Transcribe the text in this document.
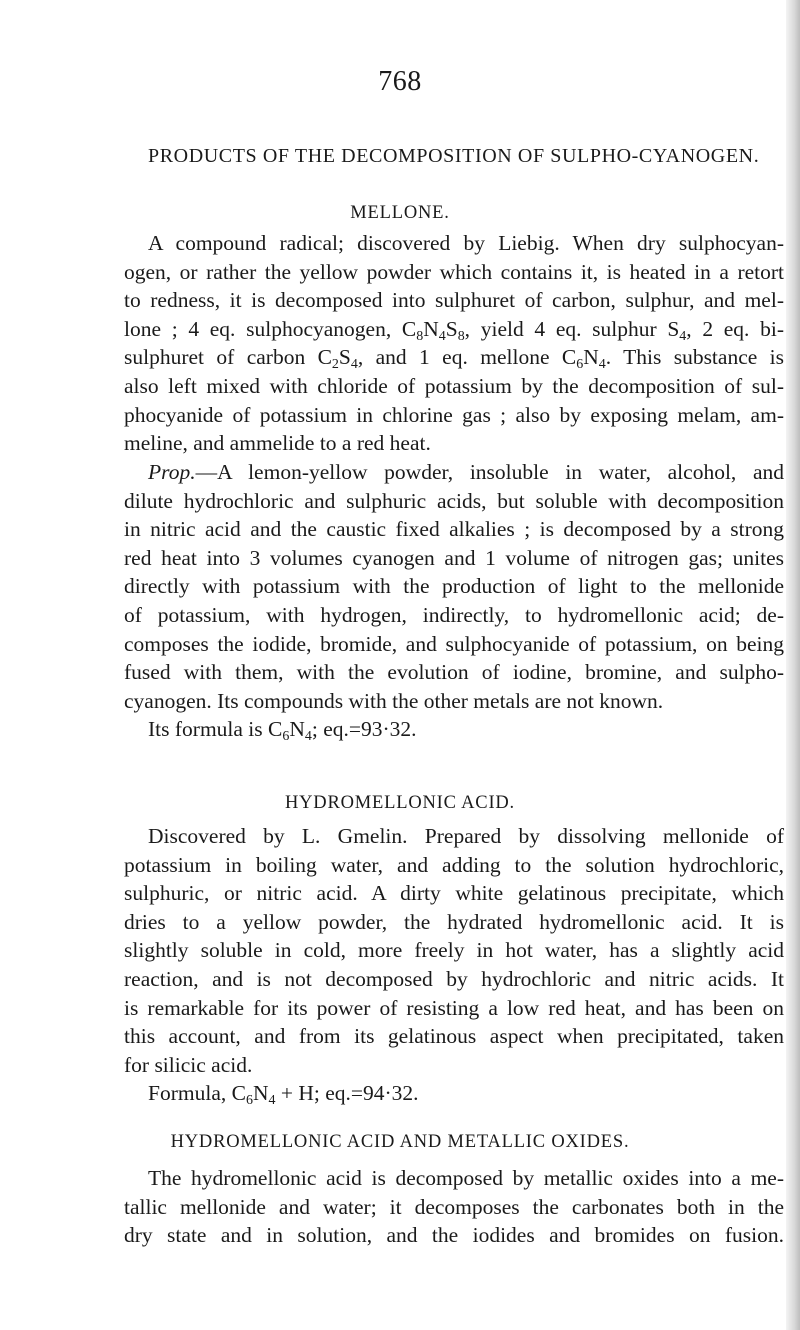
768
PRODUCTS OF THE DECOMPOSITION OF SULPHO-CYANOGEN.
MELLONE.
A compound radical; discovered by Liebig. When dry sulphocyan-
ogen, or rather the yellow powder which contains it, is heated in a retort
to redness, it is decomposed into sulphuret of carbon, sulphur, and mel-
lone ; 4 eq. sulphocyanogen, $C_8N_4S_8$, yield 4 eq. sulphur $S_4$, 2 eq. bi-
sulphuret of carbon $C_2S_4$, and 1 eq. mellone $C_6N_4$. This substance is
also left mixed with chloride of potassium by the decomposition of sul-
phocyanide of potassium in chlorine gas ; also by exposing melam, am-
meline, and ammelide to a red heat.
Prop.—A lemon-yellow powder, insoluble in water, alcohol, and
dilute hydrochloric and sulphuric acids, but soluble with decomposition
in nitric acid and the caustic fixed alkalies ; is decomposed by a strong
red heat into 3 volumes cyanogen and 1 volume of nitrogen gas; unites
directly with potassium with the production of light to the mellonide
of potassium, with hydrogen, indirectly, to hydromellonic acid; de-
composes the iodide, bromide, and sulphocyanide of potassium, on being
fused with them, with the evolution of iodine, bromine, and sulpho-
cyanogen. Its compounds with the other metals are not known.
Its formula is $C_6N_4$; eq.=93·32.
HYDROMELLONIC ACID.
Discovered by L. Gmelin. Prepared by dissolving mellonide of
potassium in boiling water, and adding to the solution hydrochloric,
sulphuric, or nitric acid. A dirty white gelatinous precipitate, which
dries to a yellow powder, the hydrated hydromellonic acid. It is
slightly soluble in cold, more freely in hot water, has a slightly acid
reaction, and is not decomposed by hydrochloric and nitric acids. It
is remarkable for its power of resisting a low red heat, and has been on
this account, and from its gelatinous aspect when precipitated, taken
for silicic acid.
Formula, $C_6N_4 + H$; eq.=94·32.
HYDROMELLONIC ACID AND METALLIC OXIDES.
The hydromellonic acid is decomposed by metallic oxides into a me-
tallic mellonide and water; it decomposes the carbonates both in the
dry state and in solution, and the iodides and bromides on fusion.
